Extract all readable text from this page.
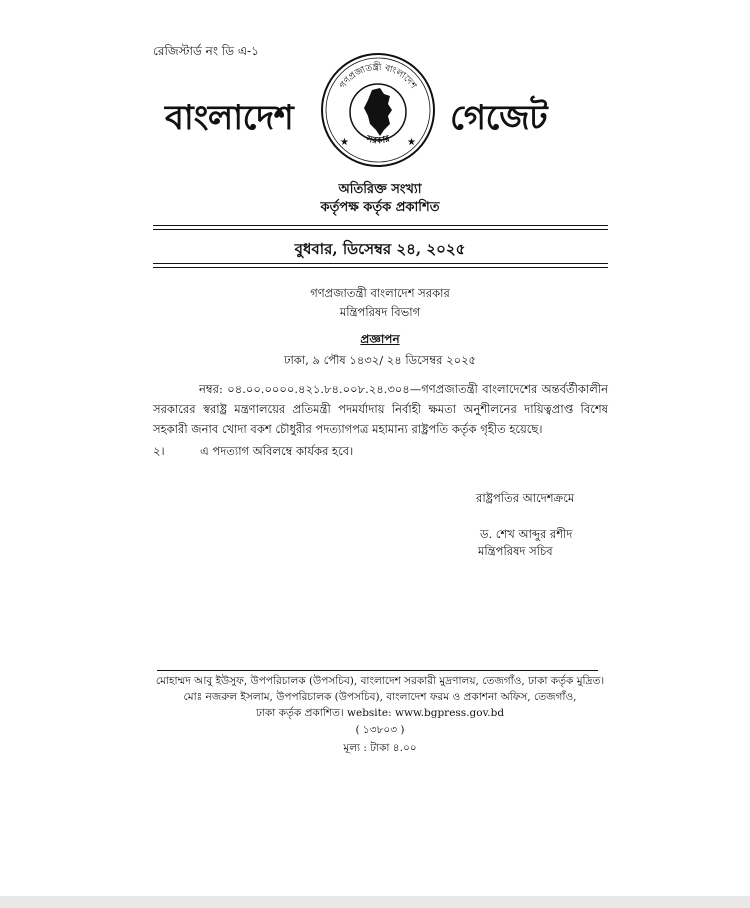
রেজিস্টার্ড নং ডি এ-১
বাংলাদেশ
গণপ্রজাতন্ত্রী বাংলাদেশ
সরকার
★	★
গেজেট
অতিরিক্ত সংখ্যা
কর্তৃপক্ষ কর্তৃক প্রকাশিত
বুধবার, ডিসেম্বর ২৪, ২০২৫
গণপ্রজাতন্ত্রী বাংলাদেশ সরকার
মন্ত্রিপরিষদ বিভাগ
প্রজ্ঞাপন
ঢাকা, ৯ পৌষ ১৪৩২/ ২৪ ডিসেম্বর ২০২৫
নম্বর: ০৪.০০.০০০০.৪২১.৮৪.০০৮.২৪.৩০৪—গণপ্রজাতন্ত্রী বাংলাদেশের অন্তর্বর্তীকালীন সরকারের স্বরাষ্ট্র মন্ত্রণালয়ের প্রতিমন্ত্রী পদমর্যাদায় নির্বাহী ক্ষমতা অনুশীলনের দায়িত্বপ্রাপ্ত বিশেষ সহকারী জনাব খোদা বকশ চৌধুরীর পদত্যাগপত্র মহামান্য রাষ্ট্রপতি কর্তৃক গৃহীত হয়েছে।
২।	এ পদত্যাগ অবিলম্বে কার্যকর হবে।
রাষ্ট্রপতির আদেশক্রমে
ড. শেখ আব্দুর রশীদ
মন্ত্রিপরিষদ সচিব
মোহাম্মদ আবু ইউসুফ, উপপরিচালক (উপসচিব), বাংলাদেশ সরকারী মুদ্রণালয়, তেজগাঁও, ঢাকা কর্তৃক মুদ্রিত।
মোঃ নজরুল ইসলাম, উপপরিচালক (উপসচিব), বাংলাদেশ ফরম ও প্রকাশনা অফিস, তেজগাঁও,
ঢাকা কর্তৃক প্রকাশিত। website: www.bgpress.gov.bd
( ১৩৮০৩ )
মূল্য : টাকা ৪.০০
